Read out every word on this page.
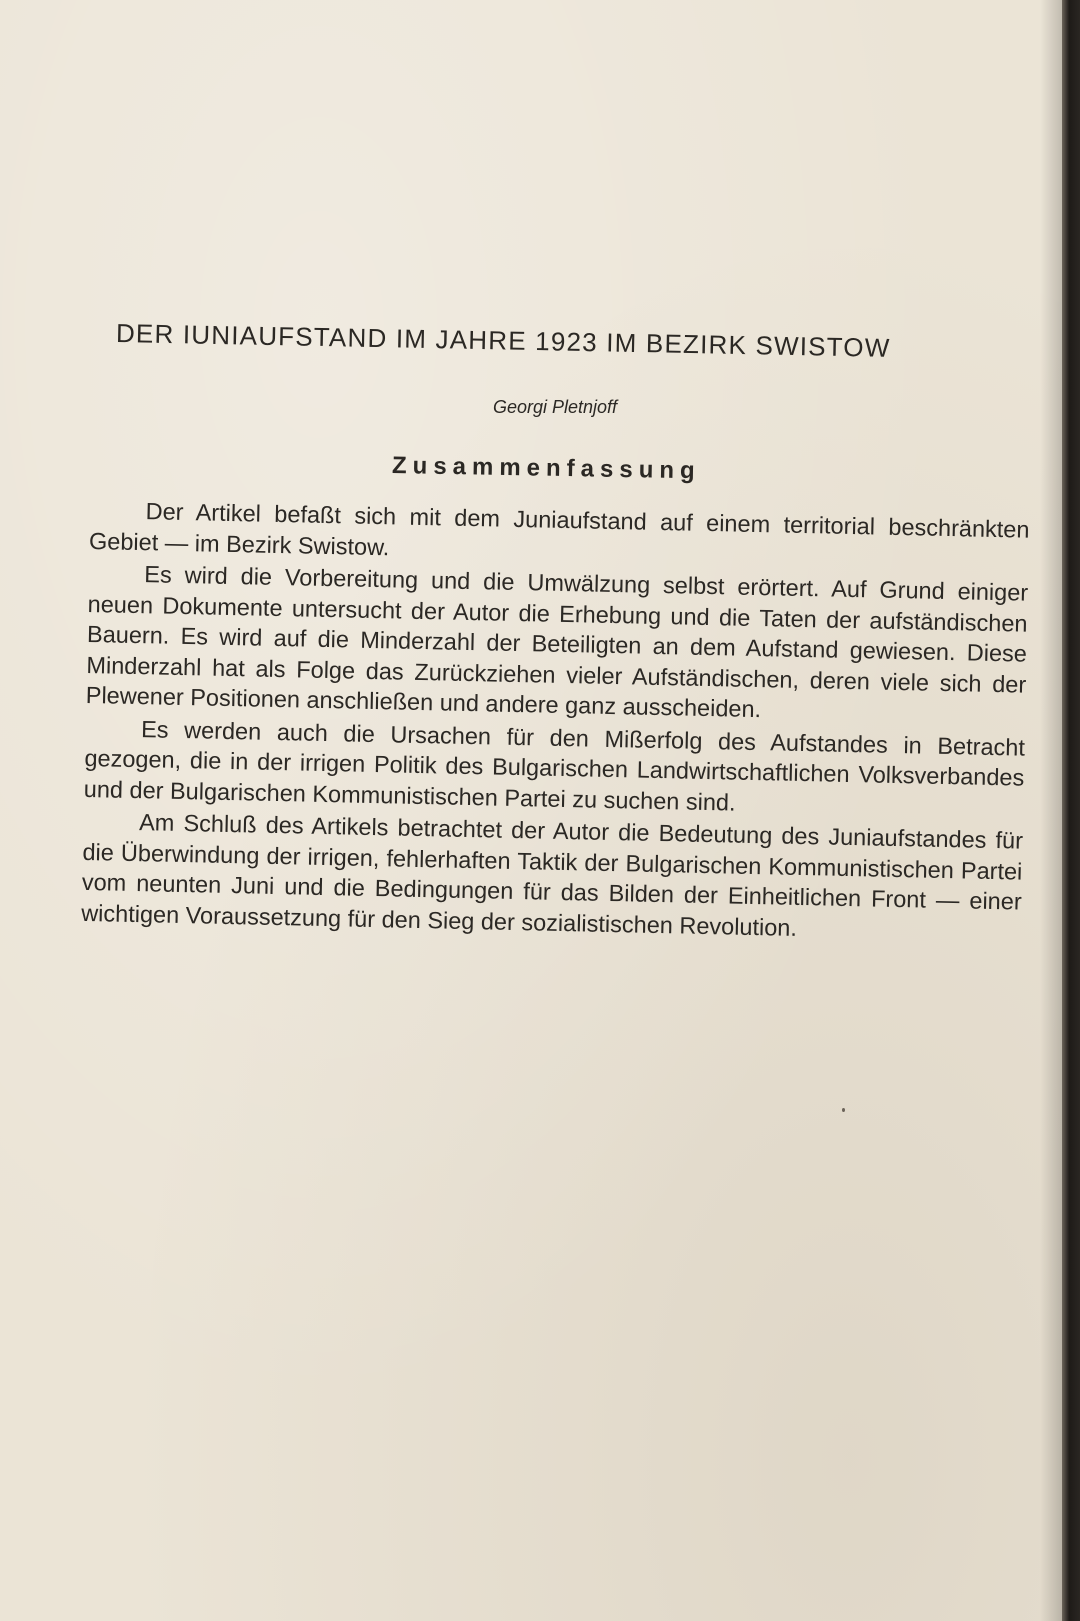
DER IUNIAUFSTAND IM JAHRE 1923 IM BEZIRK SWISTOW

Georgi Pletnjoff

Zusammenfassung

Der Artikel befaßt sich mit dem Juniaufstand auf einem territorial beschränkten Gebiet — im Bezirk Swistow.

Es wird die Vorbereitung und die Umwälzung selbst erörtert. Auf Grund einiger neuen Dokumente untersucht der Autor die Erhebung und die Taten der aufständischen Bauern. Es wird auf die Minderzahl der Beteiligten an dem Aufstand gewiesen. Diese Minderzahl hat als Folge das Zurückziehen vieler Aufständischen, deren viele sich der Plewener Positionen anschließen und andere ganz ausscheiden.

Es werden auch die Ursachen für den Mißerfolg des Aufstandes in Betracht gezogen, die in der irrigen Politik des Bulgarischen Landwirtschaftlichen Volksverbandes und der Bulgarischen Kommunistischen Partei zu suchen sind.

Am Schluß des Artikels betrachtet der Autor die Bedeutung des Juniaufstandes für die Überwindung der irrigen, fehlerhaften Taktik der Bulgarischen Kommunistischen Partei vom neunten Juni und die Bedingungen für das Bilden der Einheitlichen Front — einer wichtigen Voraussetzung für den Sieg der sozialistischen Revolution.
